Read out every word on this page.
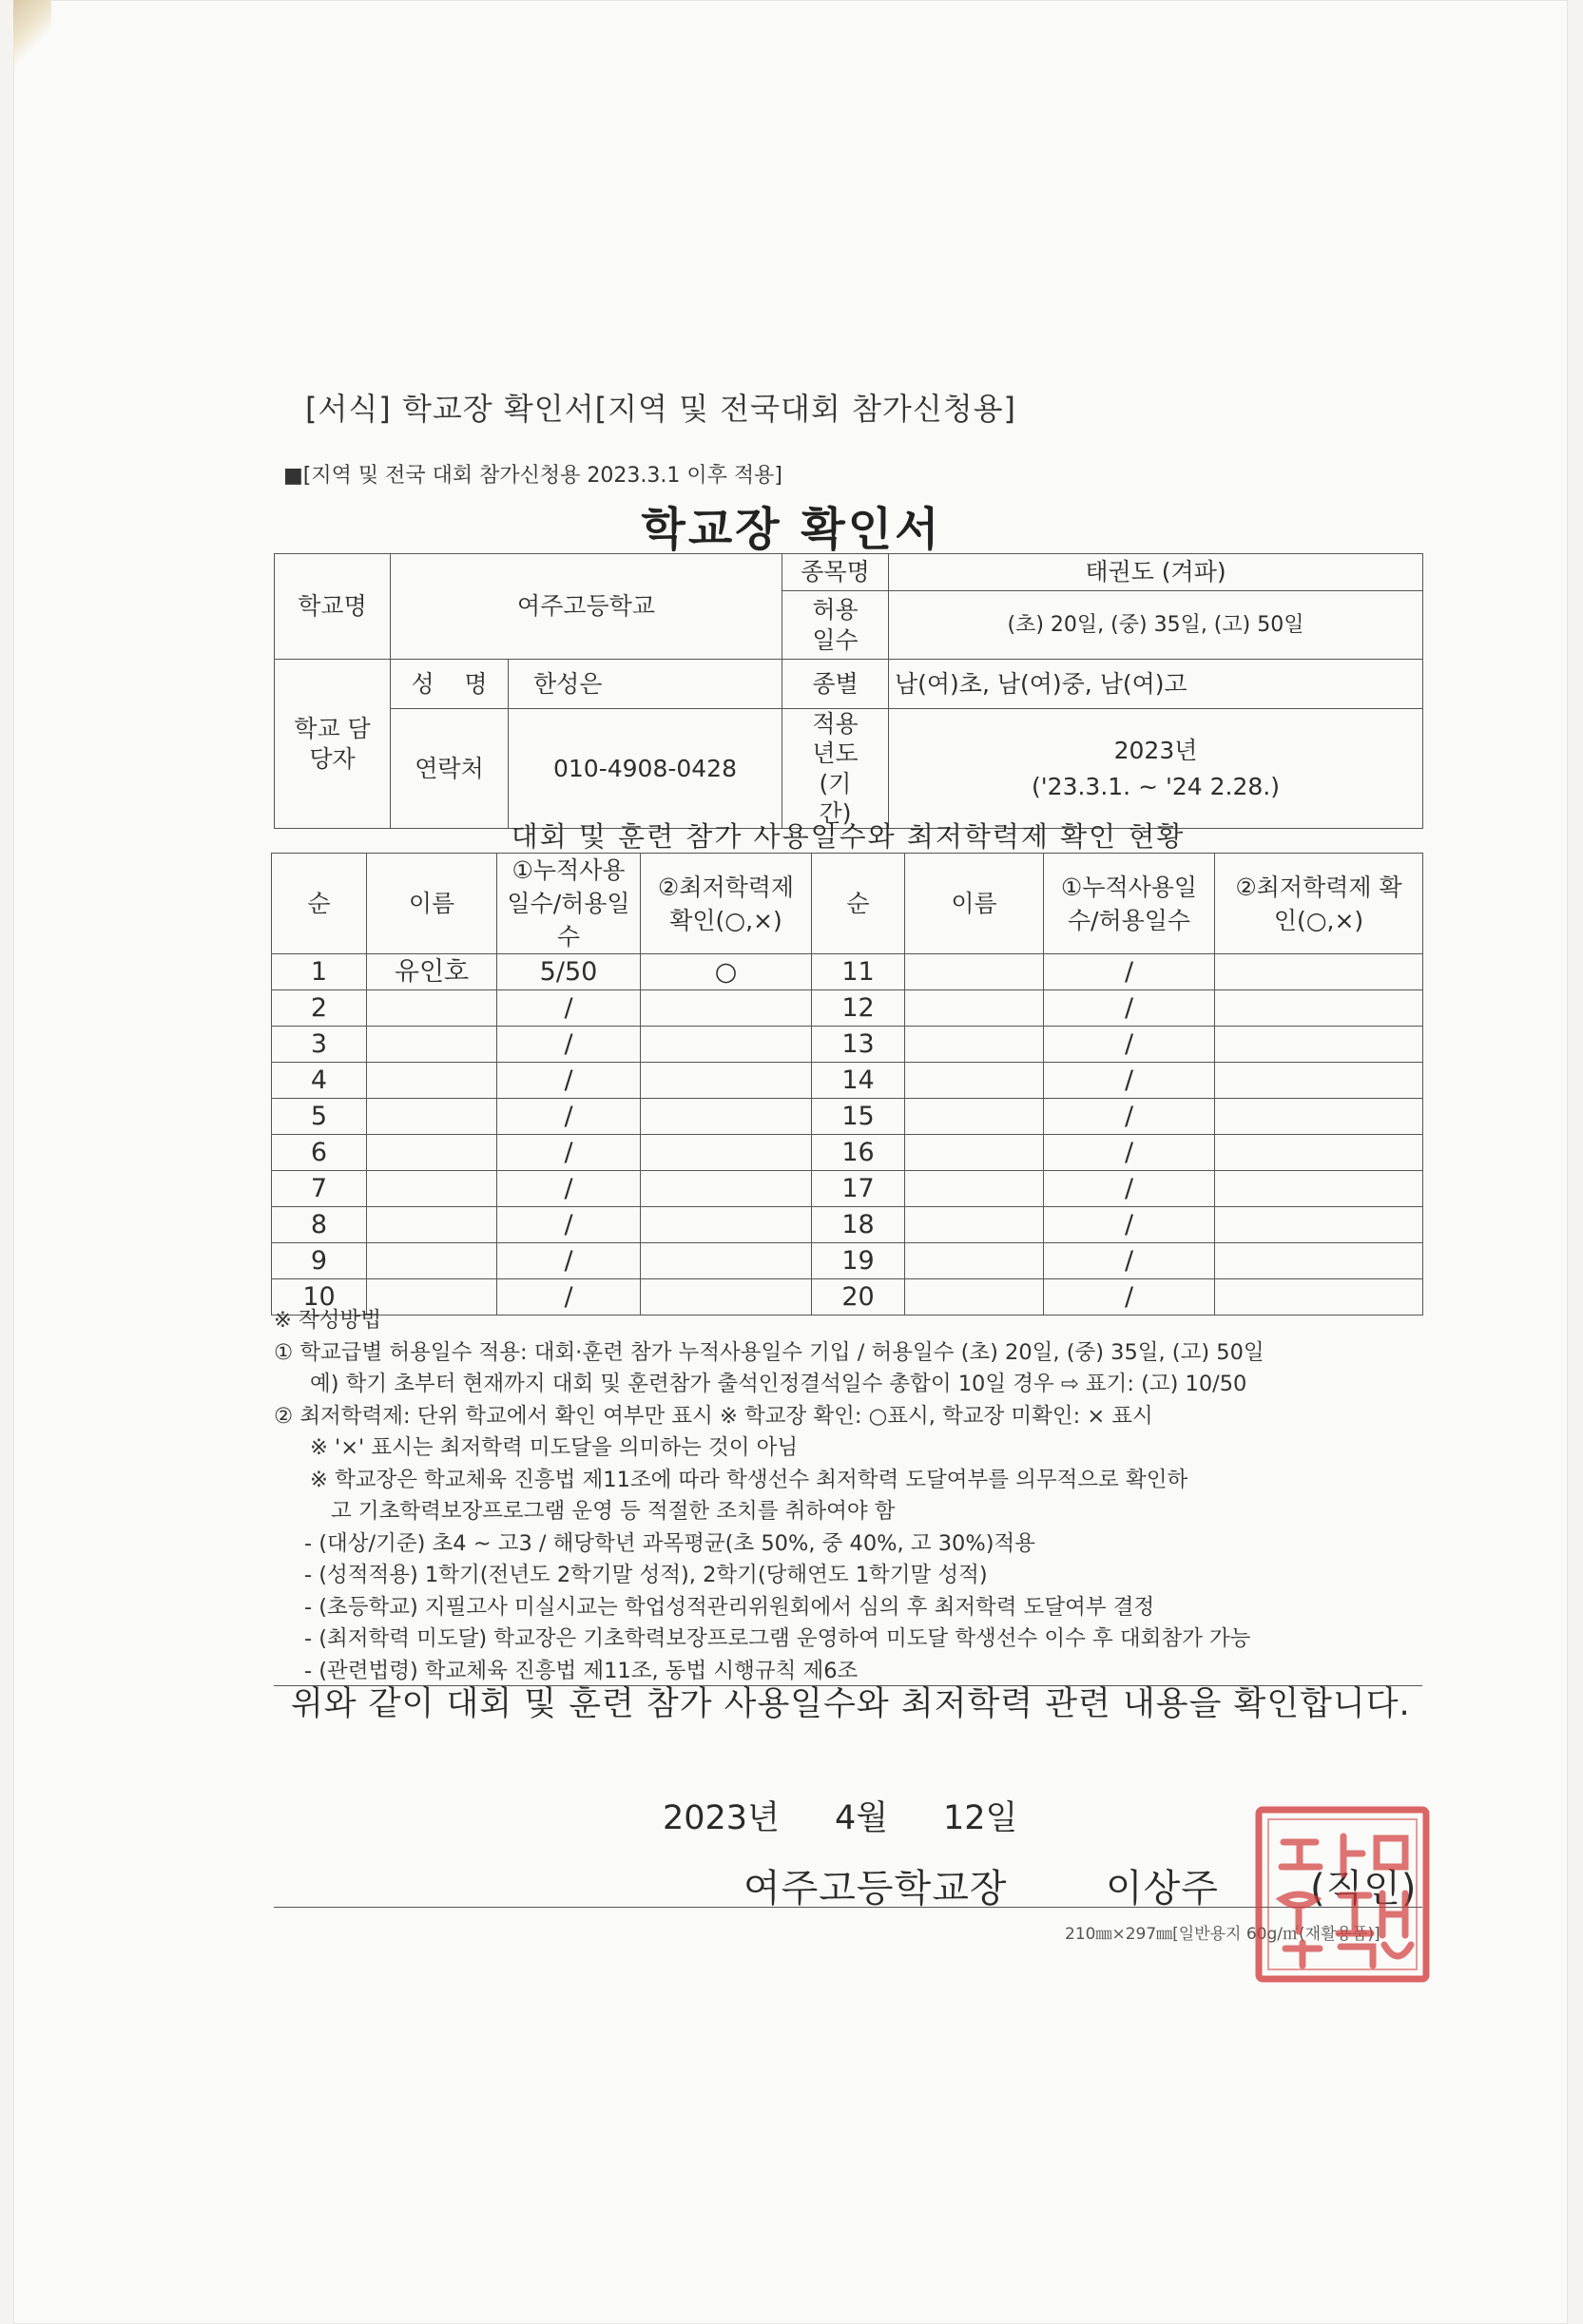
[서식] 학교장 확인서[지역 및 전국대회 참가신청용]
■[지역 및 전국 대회 참가신청용 2023.3.1 이후 적용]
학교장 확인서
학교명	여주고등학교		종목명	태권도 (겨파)
			허용일수	(초) 20일, (중) 35일, (고) 50일
학교 담당자	성    명	한성은	종별	남(여)초, 남(여)중, 남(여)고
	연락처	010-4908-0428	적용년도 (기간)	2023년
('23.3.1. ~ '24 2.28.)
대회 및 훈련 참가 사용일수와 최저학력제 확인 현황
순	이름	①누적사용일수/허용일수	②최저학력제 확인(○,×)	순	이름	①누적사용일수/허용일수	②최저학력제 확인(○,×)
1	유인호	5/50	○	11		/	
2		/		12		/	
3		/		13		/	
4		/		14		/	
5		/		15		/	
6		/		16		/	
7		/		17		/	
8		/		18		/	
9		/		19		/	
10		/		20		/	
※ 작성방법
① 학교급별 허용일수 적용: 대회·훈련 참가 누적사용일수 기입 / 허용일수 (초) 20일, (중) 35일, (고) 50일
예) 학기 초부터 현재까지 대회 및 훈련참가 출석인정결석일수 총합이 10일 경우 ⇨ 표기: (고) 10/50
② 최저학력제: 단위 학교에서 확인 여부만 표시 ※ 학교장 확인: ○표시, 학교장 미확인: × 표시
※ '×' 표시는 최저학력 미도달을 의미하는 것이 아님
※ 학교장은 학교체육 진흥법 제11조에 따라 학생선수 최저학력 도달여부를 의무적으로 확인하
고 기초학력보장프로그램 운영 등 적절한 조치를 취하여야 함
- (대상/기준) 초4 ~ 고3 / 해당학년 과목평균(초 50%, 중 40%, 고 30%)적용
- (성적적용) 1학기(전년도 2학기말 성적), 2학기(당해연도 1학기말 성적)
- (초등학교) 지필고사 미실시교는 학업성적관리위원회에서 심의 후 최저학력 도달여부 결정
- (최저학력 미도달) 학교장은 기초학력보장프로그램 운영하여 미도달 학생선수 이수 후 대회참가 가능
- (관련법령) 학교체육 진흥법 제11조, 동법 시행규칙 제6조
위와 같이 대회 및 훈련 참가 사용일수와 최저학력 관련 내용을 확인합니다.
2023년 4월 12일
여주고등학교장	이상주 (직인)
210㎜×297㎜[일반용지 60g/㎡(재활용품)]
